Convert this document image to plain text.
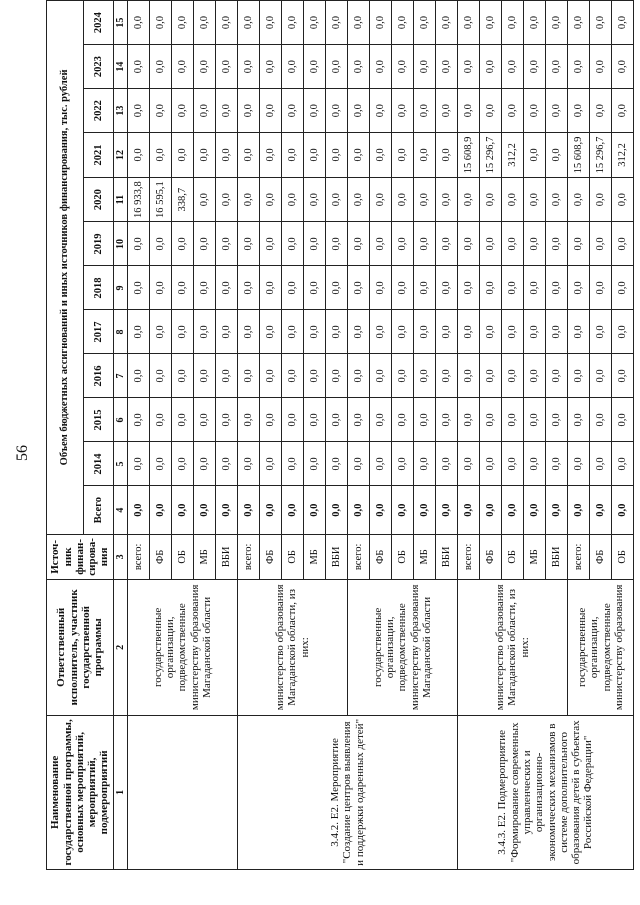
56
Наименование государственной программы, основных мероприятий, мероприятий, подмероприятий	Ответственный исполнитель, участник государственной программы	Источ-ник финан-сирова-ния	Объем бюджетных ассигнований и иных источников финансирования, тыс. рублей											
			Всего	2014	2015	2016	2017	2018	2019	2020	2021	2022	2023	2024
1	2	3	4	5	6	7	8	9	10	11	12	13	14	15
	государственные организации, подведомственные министерству образования Магаданской области	всего:	0,0	0,0	0,0	0,0	0,0	0,0	0,0	16 933,8	0,0	0,0	0,0	0,0
		ФБ	0,0	0,0	0,0	0,0	0,0	0,0	0,0	16 595,1	0,0	0,0	0,0	0,0
		ОБ	0,0	0,0	0,0	0,0	0,0	0,0	0,0	338,7	0,0	0,0	0,0	0,0
		МБ	0,0	0,0	0,0	0,0	0,0	0,0	0,0	0,0	0,0	0,0	0,0	0,0
		ВБИ	0,0	0,0	0,0	0,0	0,0	0,0	0,0	0,0	0,0	0,0	0,0	0,0
3.4.2. Е2. Мероприятие "Создание центров выявления и поддержки одаренных детей"	министерство образования Магаданской области, из них:	всего:	0,0	0,0	0,0	0,0	0,0	0,0	0,0	0,0	0,0	0,0	0,0	0,0
		ФБ	0,0	0,0	0,0	0,0	0,0	0,0	0,0	0,0	0,0	0,0	0,0	0,0
		ОБ	0,0	0,0	0,0	0,0	0,0	0,0	0,0	0,0	0,0	0,0	0,0	0,0
		МБ	0,0	0,0	0,0	0,0	0,0	0,0	0,0	0,0	0,0	0,0	0,0	0,0
		ВБИ	0,0	0,0	0,0	0,0	0,0	0,0	0,0	0,0	0,0	0,0	0,0	0,0
	государственные организации, подведомственные министерству образования Магаданской области	всего:	0,0	0,0	0,0	0,0	0,0	0,0	0,0	0,0	0,0	0,0	0,0	0,0
		ФБ	0,0	0,0	0,0	0,0	0,0	0,0	0,0	0,0	0,0	0,0	0,0	0,0
		ОБ	0,0	0,0	0,0	0,0	0,0	0,0	0,0	0,0	0,0	0,0	0,0	0,0
		МБ	0,0	0,0	0,0	0,0	0,0	0,0	0,0	0,0	0,0	0,0	0,0	0,0
		ВБИ	0,0	0,0	0,0	0,0	0,0	0,0	0,0	0,0	0,0	0,0	0,0	0,0
3.4.3. Е2. Подмероприятие "Формирование современных управленческих и организационно-экономических механизмов в системе дополнительного образования детей в субъектах Российской Федерации"	министерство образования Магаданской области, из них:	всего:	0,0	0,0	0,0	0,0	0,0	0,0	0,0	0,0	15 608,9	0,0	0,0	0,0
		ФБ	0,0	0,0	0,0	0,0	0,0	0,0	0,0	0,0	15 296,7	0,0	0,0	0,0
		ОБ	0,0	0,0	0,0	0,0	0,0	0,0	0,0	0,0	312,2	0,0	0,0	0,0
		МБ	0,0	0,0	0,0	0,0	0,0	0,0	0,0	0,0	0,0	0,0	0,0	0,0
		ВБИ	0,0	0,0	0,0	0,0	0,0	0,0	0,0	0,0	0,0	0,0	0,0	0,0
	государственные организации, подведомственные министерству образования	всего:	0,0	0,0	0,0	0,0	0,0	0,0	0,0	0,0	15 608,9	0,0	0,0	0,0
		ФБ	0,0	0,0	0,0	0,0	0,0	0,0	0,0	0,0	15 296,7	0,0	0,0	0,0
		ОБ	0,0	0,0	0,0	0,0	0,0	0,0	0,0	0,0	312,2	0,0	0,0	0,0
